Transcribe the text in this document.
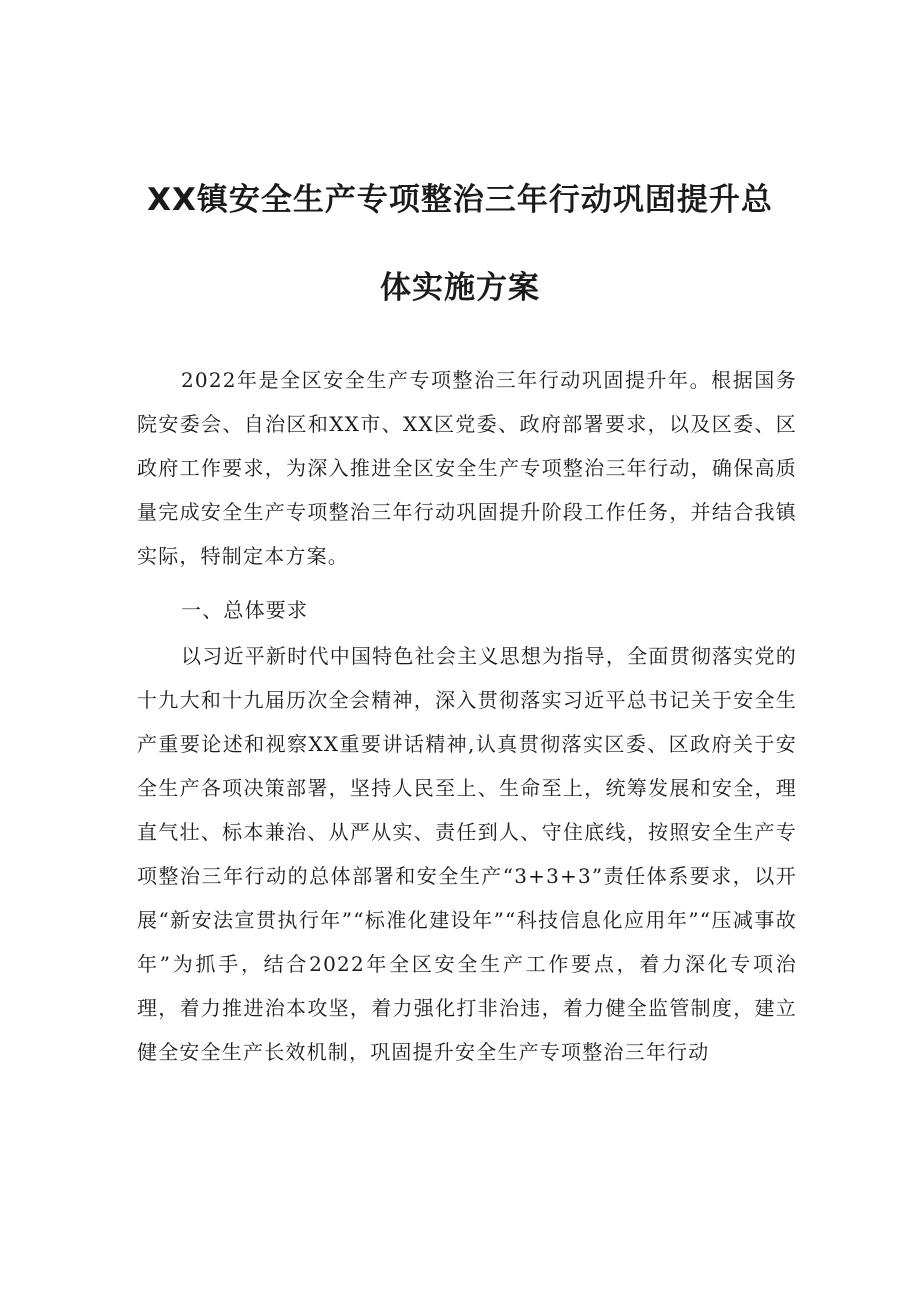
XX镇安全生产专项整治三年行动巩固提升总
体实施方案

2022年是全区安全生产专项整治三年行动巩固提升年。根据国务院安委会、自治区和XX市、XX区党委、政府部署要求，以及区委、区政府工作要求，为深入推进全区安全生产专项整治三年行动，确保高质量完成安全生产专项整治三年行动巩固提升阶段工作任务，并结合我镇实际，特制定本方案。

一、总体要求

以习近平新时代中国特色社会主义思想为指导，全面贯彻落实党的十九大和十九届历次全会精神，深入贯彻落实习近平总书记关于安全生产重要论述和视察XX重要讲话精神,认真贯彻落实区委、区政府关于安全生产各项决策部署，坚持人民至上、生命至上，统筹发展和安全，理直气壮、标本兼治、从严从实、责任到人、守住底线，按照安全生产专项整治三年行动的总体部署和安全生产“3+3+3”责任体系要求，以开展“新安法宣贯执行年”“标准化建设年”“科技信息化应用年”“压减事故年”为抓手，结合2022年全区安全生产工作要点，着力深化专项治理，着力推进治本攻坚，着力强化打非治违，着力健全监管制度，建立健全安全生产长效机制，巩固提升安全生产专项整治三年行动
